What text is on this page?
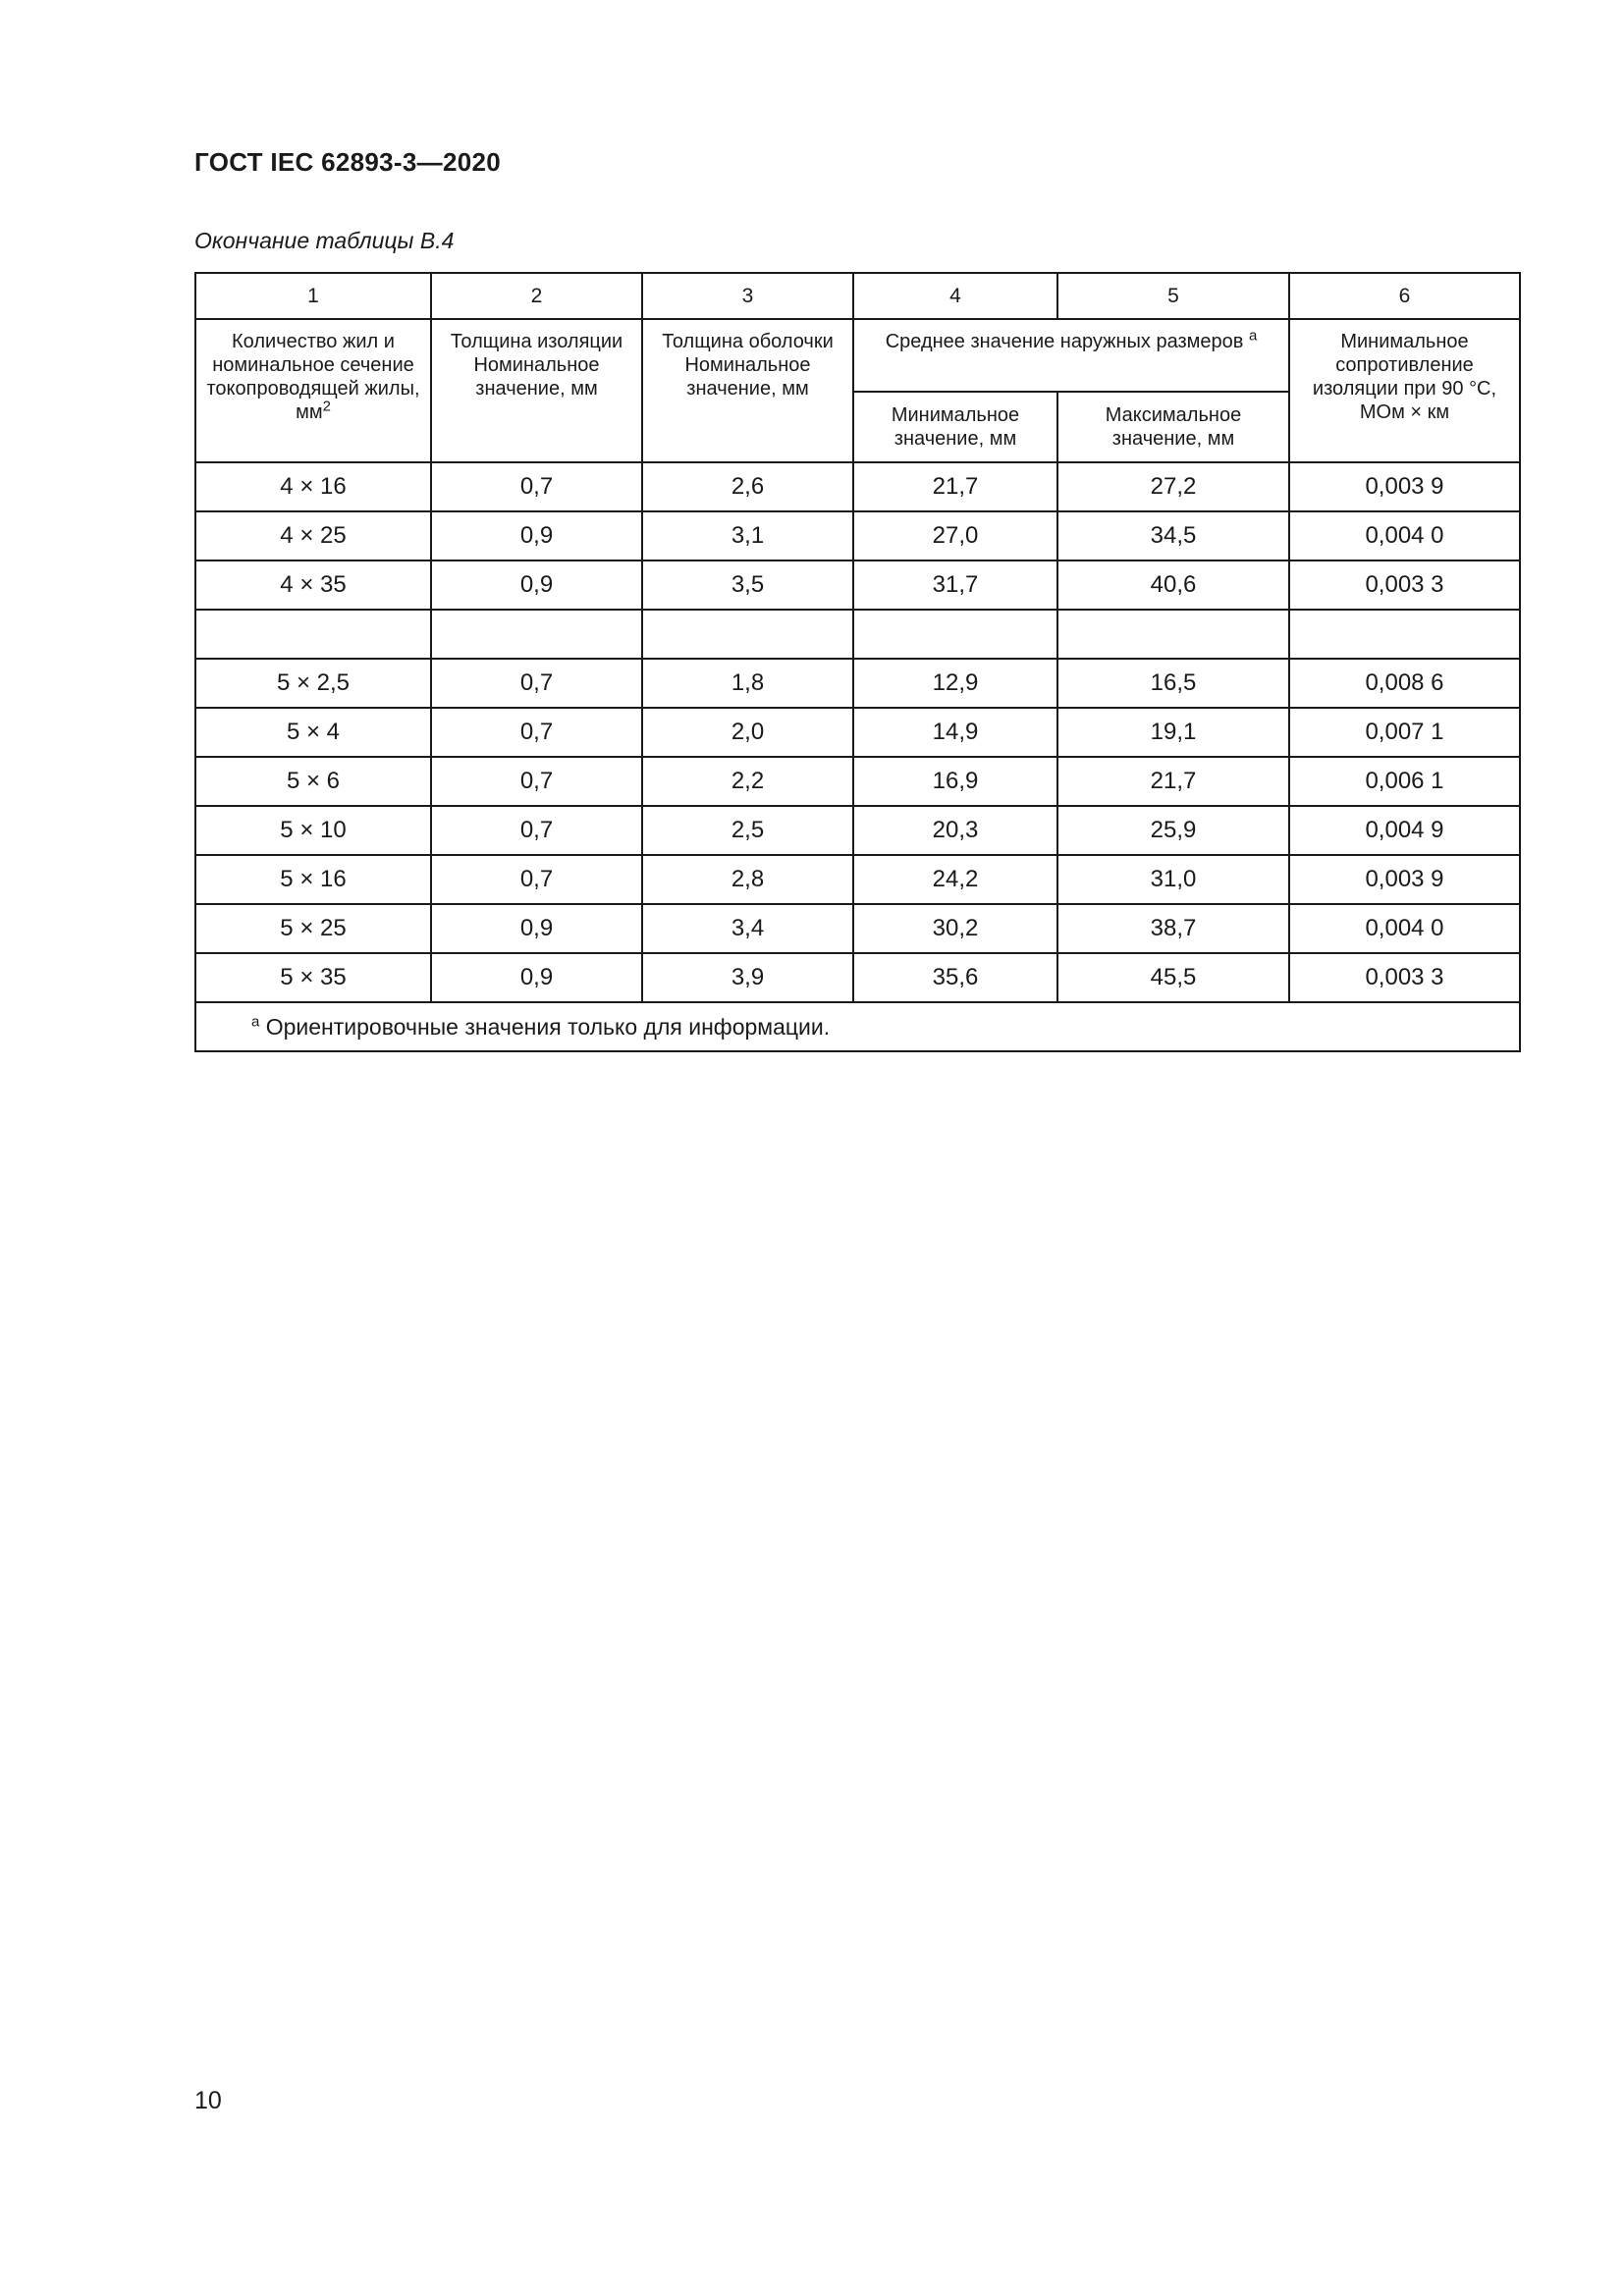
ГОСТ IEC 62893-3—2020
Окончание таблицы В.4
1	2	3	4	5	6
Количество жил и номинальное сечение токопроводящей жилы, $мм^2$	Толщина изоляции Номинальное значение, мм	Толщина оболочки Номинальное значение, мм	Среднее значение наружных размеров $^а$		Минимальное сопротивление изоляции при 90 °С, МОм × км
			Минимальное значение, мм	Максимальное значение, мм	
4 × 16	0,7	2,6	21,7	27,2	0,003 9
4 × 25	0,9	3,1	27,0	34,5	0,004 0
4 × 35	0,9	3,5	31,7	40,6	0,003 3

5 × 2,5	0,7	1,8	12,9	16,5	0,008 6
5 × 4	0,7	2,0	14,9	19,1	0,007 1
5 × 6	0,7	2,2	16,9	21,7	0,006 1
5 × 10	0,7	2,5	20,3	25,9	0,004 9
5 × 16	0,7	2,8	24,2	31,0	0,003 9
5 × 25	0,9	3,4	30,2	38,7	0,004 0
5 × 35	0,9	3,9	35,6	45,5	0,003 3
$^а$ Ориентировочные значения только для информации.					
10
